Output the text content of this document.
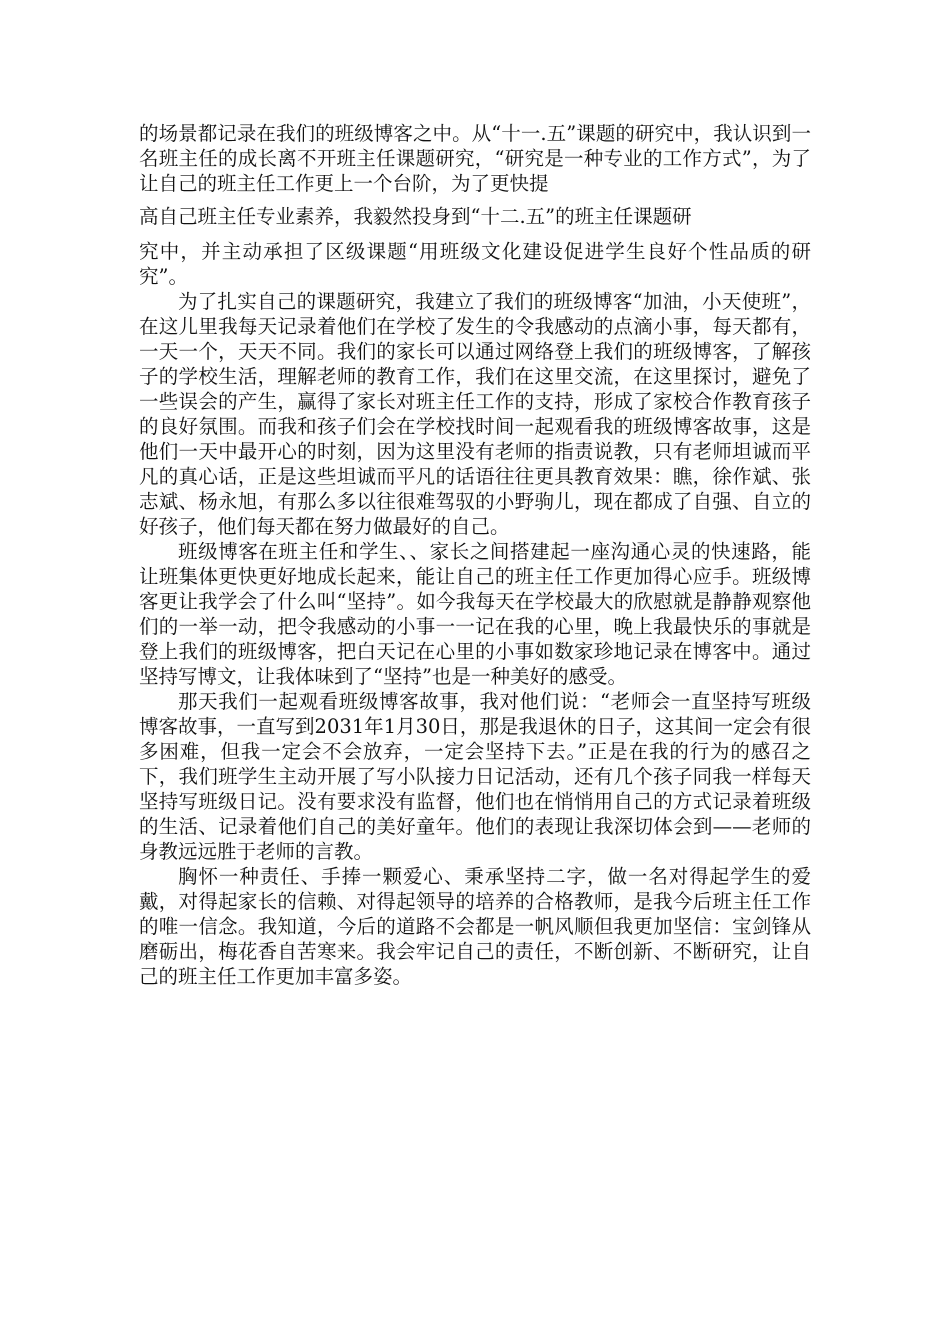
的场景都记录在我们的班级博客之中。从“十一.五”课题的研究中，我认识到一名班主任的成长离不开班主任课题研究，“研究是一种专业的工作方式”，为了让自己的班主任工作更上一个台阶，为了更快提

高自己班主任专业素养，我毅然投身到“十二.五”的班主任课题研

究中，并主动承担了区级课题“用班级文化建设促进学生良好个性品质的研究”。

为了扎实自己的课题研究，我建立了我们的班级博客“加油，小天使班”，在这儿里我每天记录着他们在学校了发生的令我感动的点滴小事，每天都有，一天一个，天天不同。我们的家长可以通过网络登上我们的班级博客，了解孩子的学校生活，理解老师的教育工作，我们在这里交流，在这里探讨，避免了一些误会的产生，赢得了家长对班主任工作的支持，形成了家校合作教育孩子的良好氛围。而我和孩子们会在学校找时间一起观看我的班级博客故事，这是他们一天中最开心的时刻，因为这里没有老师的指责说教，只有老师坦诚而平凡的真心话，正是这些坦诚而平凡的话语往往更具教育效果：瞧，徐作斌、张志斌、杨永旭，有那么多以往很难驾驭的小野驹儿，现在都成了自强、自立的好孩子，他们每天都在努力做最好的自己。

班级博客在班主任和学生、、家长之间搭建起一座沟通心灵的快速路，能让班集体更快更好地成长起来，能让自己的班主任工作更加得心应手。班级博客更让我学会了什么叫“坚持”。如今我每天在学校最大的欣慰就是静静观察他们的一举一动，把令我感动的小事一一记在我的心里，晚上我最快乐的事就是登上我们的班级博客，把白天记在心里的小事如数家珍地记录在博客中。通过坚持写博文，让我体味到了“坚持”也是一种美好的感受。

那天我们一起观看班级博客故事，我对他们说：“老师会一直坚持写班级博客故事，一直写到2031年1月30日，那是我退休的日子，这其间一定会有很多困难，但我一定会不会放弃，一定会坚持下去。”正是在我的行为的感召之下，我们班学生主动开展了写小队接力日记活动，还有几个孩子同我一样每天坚持写班级日记。没有要求没有监督，他们也在悄悄用自己的方式记录着班级的生活、记录着他们自己的美好童年。他们的表现让我深切体会到——老师的身教远远胜于老师的言教。

胸怀一种责任、手捧一颗爱心、秉承坚持二字，做一名对得起学生的爱戴，对得起家长的信赖、对得起领导的培养的合格教师，是我今后班主任工作的唯一信念。我知道，今后的道路不会都是一帆风顺但我更加坚信：宝剑锋从磨砺出，梅花香自苦寒来。我会牢记自己的责任，不断创新、不断研究，让自己的班主任工作更加丰富多姿。
